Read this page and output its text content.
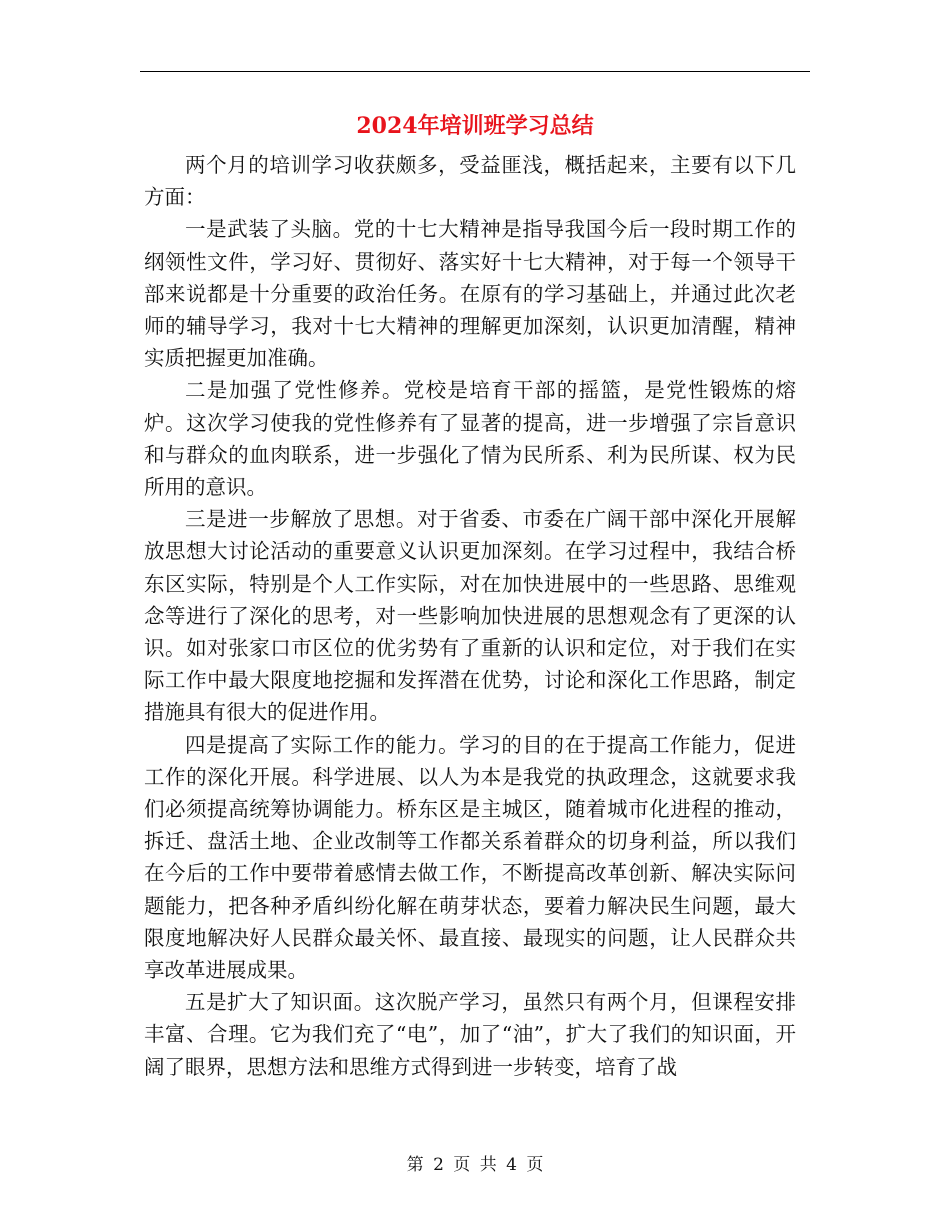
2024年培训班学习总结

两个月的培训学习收获颇多，受益匪浅，概括起来，主要有以下几方面：

一是武装了头脑。党的十七大精神是指导我国今后一段时期工作的纲领性文件，学习好、贯彻好、落实好十七大精神，对于每一个领导干部来说都是十分重要的政治任务。在原有的学习基础上，并通过此次老师的辅导学习，我对十七大精神的理解更加深刻，认识更加清醒，精神实质把握更加准确。

二是加强了党性修养。党校是培育干部的摇篮，是党性锻炼的熔炉。这次学习使我的党性修养有了显著的提高，进一步增强了宗旨意识和与群众的血肉联系，进一步强化了情为民所系、利为民所谋、权为民所用的意识。

三是进一步解放了思想。对于省委、市委在广阔干部中深化开展解放思想大讨论活动的重要意义认识更加深刻。在学习过程中，我结合桥东区实际，特别是个人工作实际，对在加快进展中的一些思路、思维观念等进行了深化的思考，对一些影响加快进展的思想观念有了更深的认识。如对张家口市区位的优劣势有了重新的认识和定位，对于我们在实际工作中最大限度地挖掘和发挥潜在优势，讨论和深化工作思路，制定措施具有很大的促进作用。

四是提高了实际工作的能力。学习的目的在于提高工作能力，促进工作的深化开展。科学进展、以人为本是我党的执政理念，这就要求我们必须提高统筹协调能力。桥东区是主城区，随着城市化进程的推动，拆迁、盘活土地、企业改制等工作都关系着群众的切身利益，所以我们在今后的工作中要带着感情去做工作，不断提高改革创新、解决实际问题能力，把各种矛盾纠纷化解在萌芽状态，要着力解决民生问题，最大限度地解决好人民群众最关怀、最直接、最现实的问题，让人民群众共享改革进展成果。

五是扩大了知识面。这次脱产学习，虽然只有两个月，但课程安排丰富、合理。它为我们充了“电”，加了“油”，扩大了我们的知识面，开阔了眼界，思想方法和思维方式得到进一步转变，培育了战

第 2 页 共 4 页
